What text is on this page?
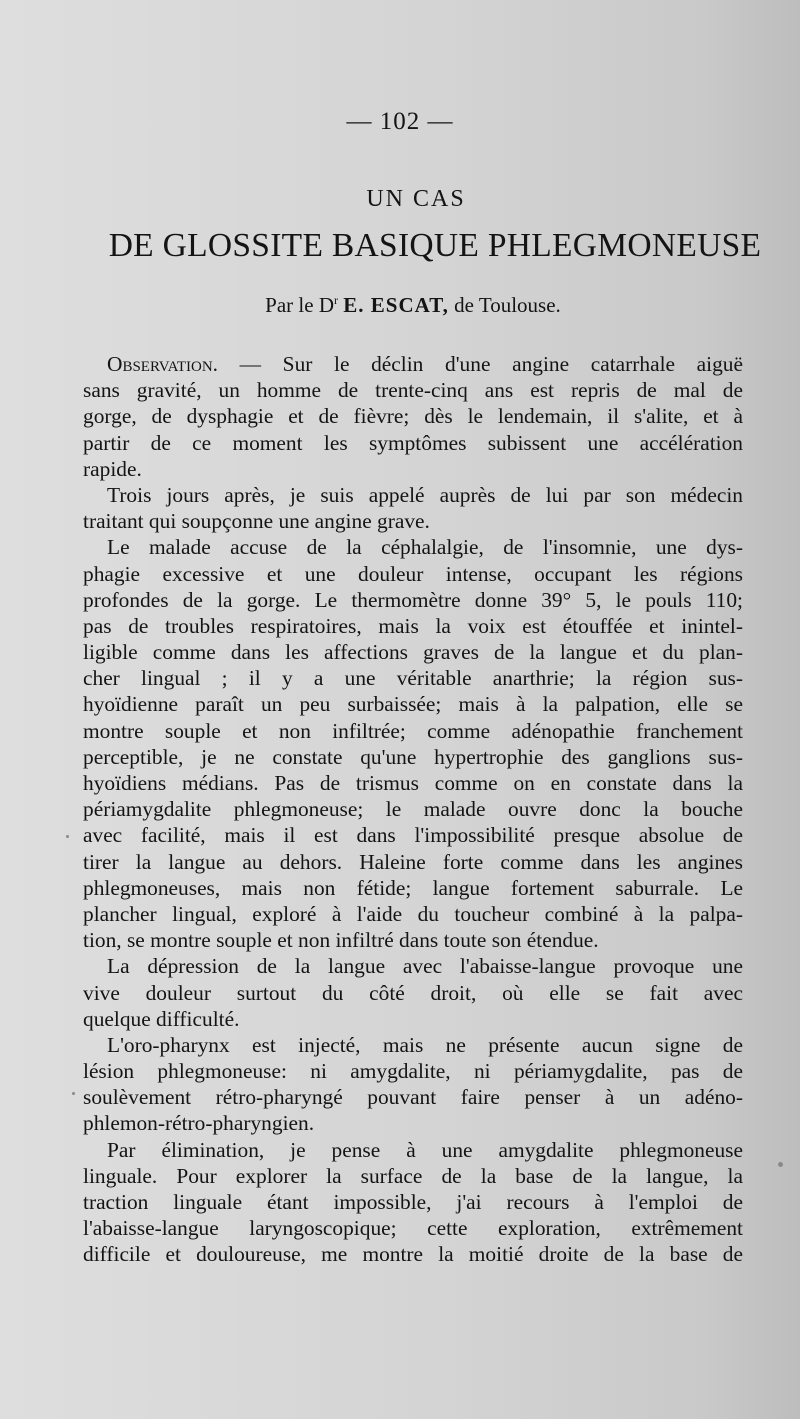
— 102 —
UN CAS
DE GLOSSITE BASIQUE PHLEGMONEUSE
Par le $D^r$ E. ESCAT, de Toulouse.
Observation. — Sur le déclin d'une angine catarrhale aiguë
sans gravité, un homme de trente-cinq ans est repris de mal de
gorge, de dysphagie et de fièvre; dès le lendemain, il s'alite, et à
partir de ce moment les symptômes subissent une accélération
rapide.
Trois jours après, je suis appelé auprès de lui par son médecin
traitant qui soupçonne une angine grave.
Le malade accuse de la céphalalgie, de l'insomnie, une dys-
phagie excessive et une douleur intense, occupant les régions
profondes de la gorge. Le thermomètre donne 39° 5, le pouls 110;
pas de troubles respiratoires, mais la voix est étouffée et inintel-
ligible comme dans les affections graves de la langue et du plan-
cher lingual ; il y a une véritable anarthrie; la région sus-
hyoïdienne paraît un peu surbaissée; mais à la palpation, elle se
montre souple et non infiltrée; comme adénopathie franchement
perceptible, je ne constate qu'une hypertrophie des ganglions sus-
hyoïdiens médians. Pas de trismus comme on en constate dans la
périamygdalite phlegmoneuse; le malade ouvre donc la bouche
avec facilité, mais il est dans l'impossibilité presque absolue de
tirer la langue au dehors. Haleine forte comme dans les angines
phlegmoneuses, mais non fétide; langue fortement saburrale. Le
plancher lingual, exploré à l'aide du toucheur combiné à la palpa-
tion, se montre souple et non infiltré dans toute son étendue.
La dépression de la langue avec l'abaisse-langue provoque une
vive douleur surtout du côté droit, où elle se fait avec
quelque difficulté.
L'oro-pharynx est injecté, mais ne présente aucun signe de
lésion phlegmoneuse: ni amygdalite, ni périamygdalite, pas de
soulèvement rétro-pharyngé pouvant faire penser à un adéno-
phlemon-rétro-pharyngien.
Par élimination, je pense à une amygdalite phlegmoneuse
linguale. Pour explorer la surface de la base de la langue, la
traction linguale étant impossible, j'ai recours à l'emploi de
l'abaisse-langue laryngoscopique; cette exploration, extrêmement
difficile et douloureuse, me montre la moitié droite de la base de
